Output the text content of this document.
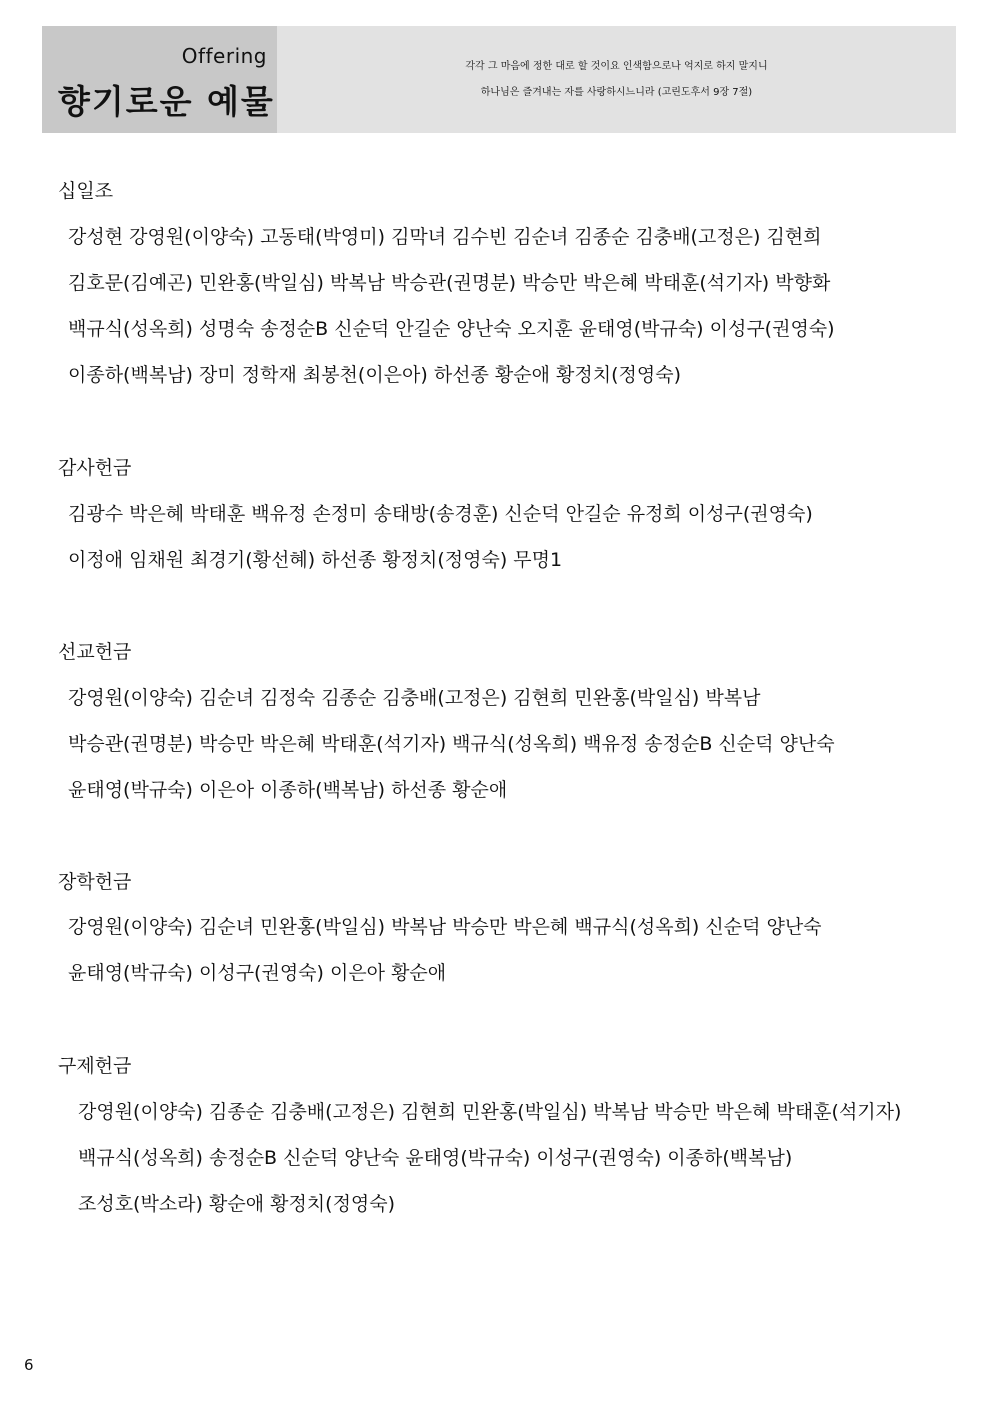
Offering
향기로운 예물
각각 그 마음에 정한 대로 할 것이요 인색함으로나 억지로 하지 말지니
하나님은 즐겨내는 자를 사랑하시느니라 (고린도후서 9장 7절)
십일조
강성현 강영원(이양숙) 고동태(박영미) 김막녀 김수빈 김순녀 김종순 김충배(고정은) 김현희
김호문(김예곤) 민완홍(박일심) 박복남 박승관(권명분) 박승만 박은혜 박태훈(석기자) 박향화
백규식(성옥희) 성명숙 송정순B 신순덕 안길순 양난숙 오지훈 윤태영(박규숙) 이성구(권영숙)
이종하(백복남) 장미 정학재 최봉천(이은아) 하선종 황순애 황정치(정영숙)
감사헌금
김광수 박은혜 박태훈 백유정 손정미 송태방(송경훈) 신순덕 안길순 유정희 이성구(권영숙)
이정애 임채원 최경기(황선혜) 하선종 황정치(정영숙) 무명1
선교헌금
강영원(이양숙) 김순녀 김정숙 김종순 김충배(고정은) 김현희 민완홍(박일심) 박복남
박승관(권명분) 박승만 박은혜 박태훈(석기자) 백규식(성옥희) 백유정 송정순B 신순덕 양난숙
윤태영(박규숙) 이은아 이종하(백복남) 하선종 황순애
장학헌금
강영원(이양숙) 김순녀 민완홍(박일심) 박복남 박승만 박은혜 백규식(성옥희) 신순덕 양난숙
윤태영(박규숙) 이성구(권영숙) 이은아 황순애
구제헌금
강영원(이양숙) 김종순 김충배(고정은) 김현희 민완홍(박일심) 박복남 박승만 박은혜 박태훈(석기자)
백규식(성옥희) 송정순B 신순덕 양난숙 윤태영(박규숙) 이성구(권영숙) 이종하(백복남)
조성호(박소라) 황순애 황정치(정영숙)
6
